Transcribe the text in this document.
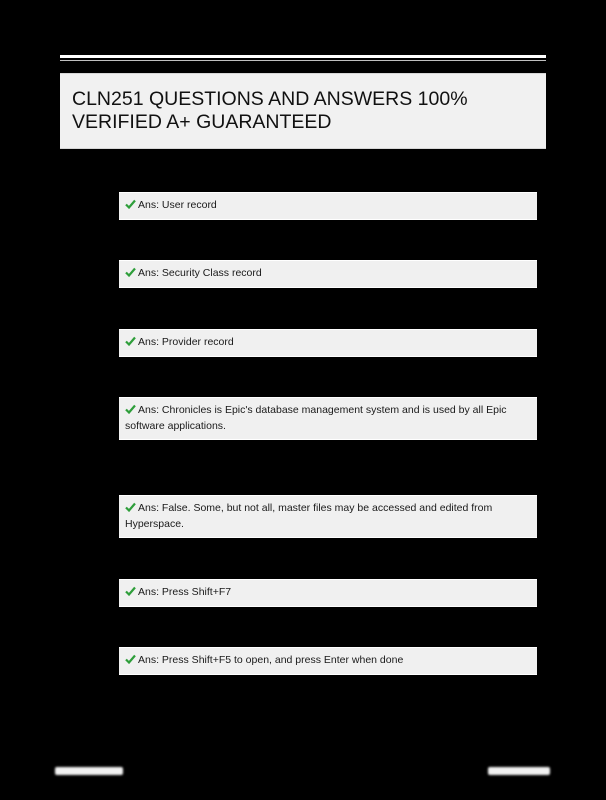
CLN251 QUESTIONS AND ANSWERS 100%
VERIFIED A+ GUARANTEED
Ans: User record
Ans: Security Class record
Ans: Provider record
Ans: Chronicles is Epic's database management system and is used by all Epic software applications.
Ans: False. Some, but not all, master files may be accessed and edited from Hyperspace.
Ans: Press Shift+F7
Ans: Press Shift+F5 to open, and press Enter when done
